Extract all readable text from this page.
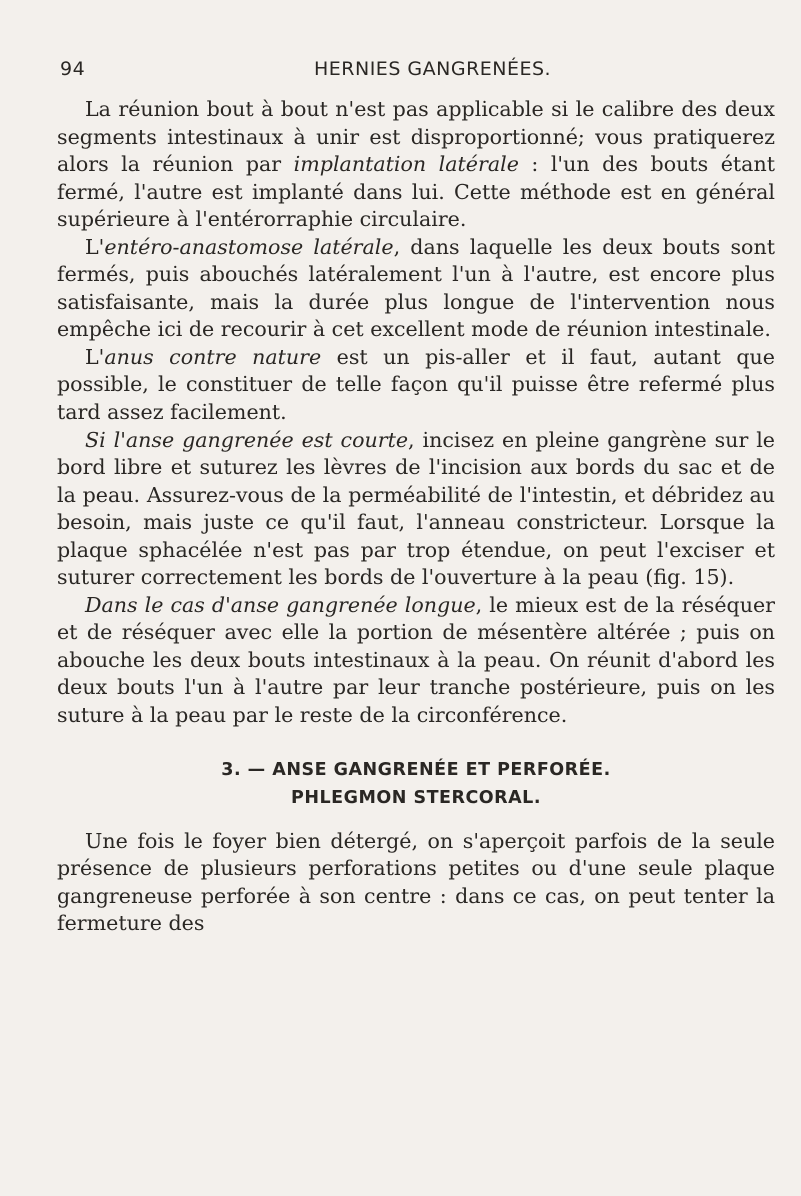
94	HERNIES GANGRENÉES.

La réunion bout à bout n'est pas applicable si le calibre des deux segments intestinaux à unir est disproportionné; vous pratiquerez alors la réunion par implantation latérale : l'un des bouts étant fermé, l'autre est implanté dans lui. Cette méthode est en général supérieure à l'entérorraphie circulaire.

L'entéro-anastomose latérale, dans laquelle les deux bouts sont fermés, puis abouchés latéralement l'un à l'autre, est encore plus satisfaisante, mais la durée plus longue de l'intervention nous empêche ici de recourir à cet excellent mode de réunion intestinale.

L'anus contre nature est un pis-aller et il faut, autant que possible, le constituer de telle façon qu'il puisse être refermé plus tard assez facilement.

Si l'anse gangrenée est courte, incisez en pleine gangrène sur le bord libre et suturez les lèvres de l'incision aux bords du sac et de la peau. Assurez-vous de la perméabilité de l'intestin, et débridez au besoin, mais juste ce qu'il faut, l'anneau constricteur. Lorsque la plaque sphacélée n'est pas par trop étendue, on peut l'exciser et suturer correctement les bords de l'ouverture à la peau (fig. 15).

Dans le cas d'anse gangrenée longue, le mieux est de la réséquer et de réséquer avec elle la portion de mésentère altérée ; puis on abouche les deux bouts intestinaux à la peau. On réunit d'abord les deux bouts l'un à l'autre par leur tranche postérieure, puis on les suture à la peau par le reste de la circonférence.

3. — ANSE GANGRENÉE ET PERFORÉE.
PHLEGMON STERCORAL.

Une fois le foyer bien détergé, on s'aperçoit parfois de la seule présence de plusieurs perforations petites ou d'une seule plaque gangreneuse perforée à son centre : dans ce cas, on peut tenter la fermeture des
